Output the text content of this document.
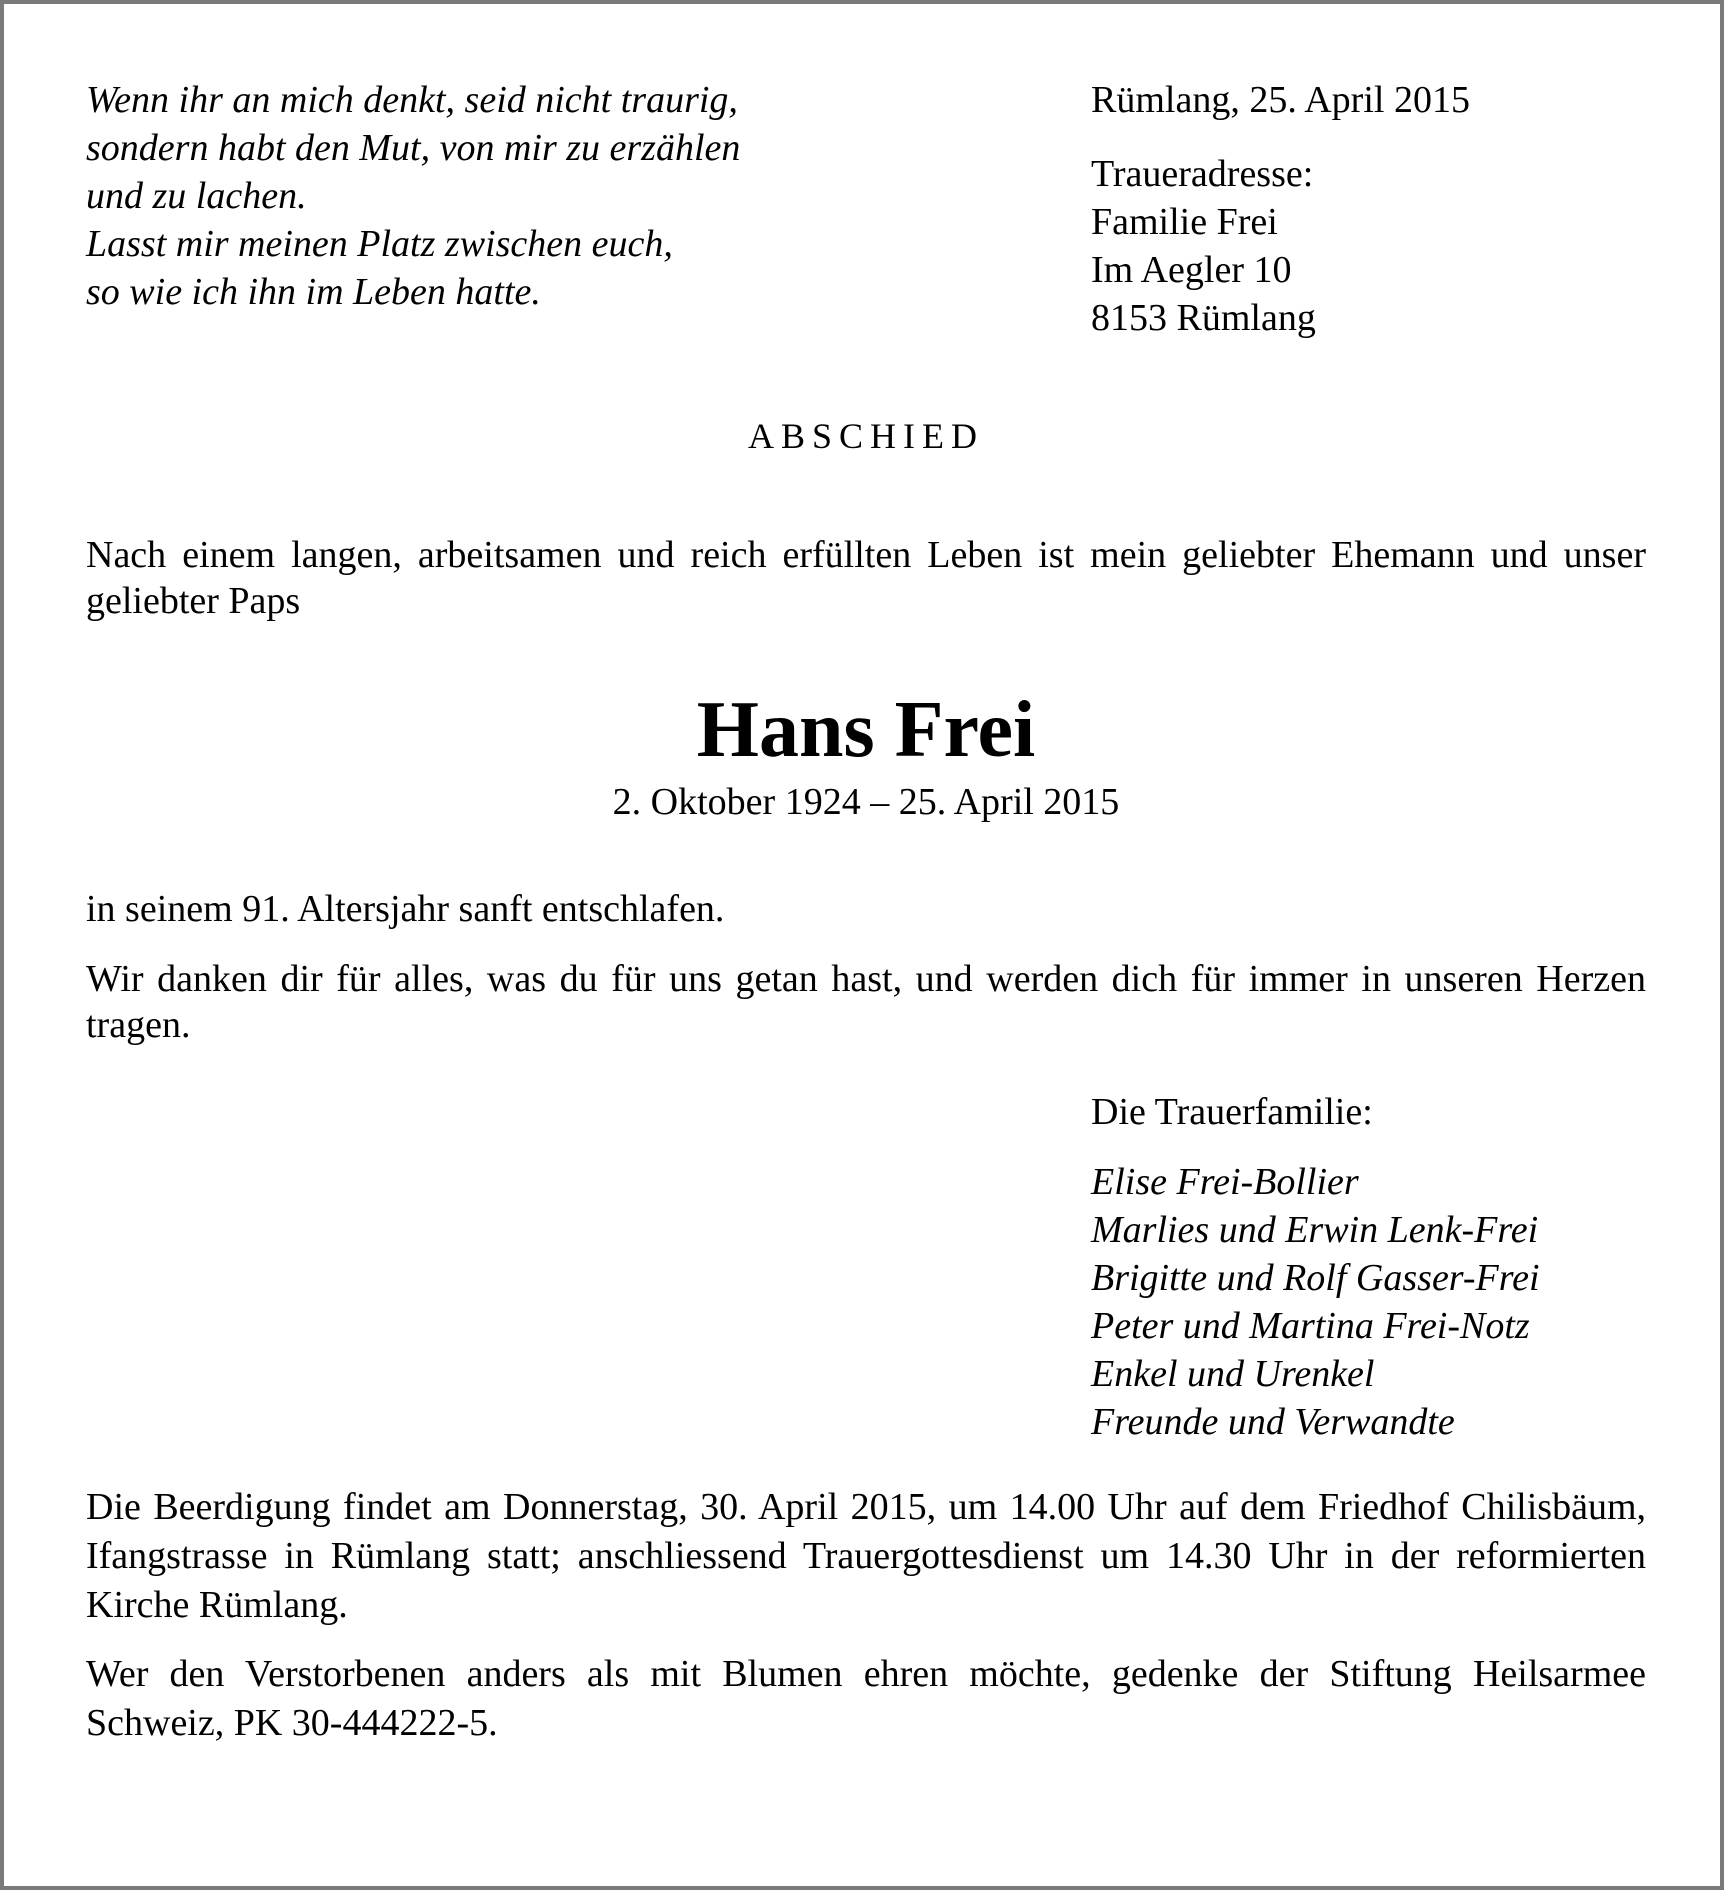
Wenn ihr an mich denkt, seid nicht traurig,
sondern habt den Mut, von mir zu erzählen
und zu lachen.
Lasst mir meinen Platz zwischen euch,
so wie ich ihn im Leben hatte.
Rümlang, 25. April 2015
Traueradresse:
Familie Frei
Im Aegler 10
8153 Rümlang
ABSCHIED
Nach einem langen, arbeitsamen und reich erfüllten Leben ist mein geliebter Ehemann und unser geliebter Paps
Hans Frei
2. Oktober 1924 – 25. April 2015
in seinem 91. Altersjahr sanft entschlafen.
Wir danken dir für alles, was du für uns getan hast, und werden dich für immer in unseren Herzen tragen.
Die Trauerfamilie:
Elise Frei-Bollier
Marlies und Erwin Lenk-Frei
Brigitte und Rolf Gasser-Frei
Peter und Martina Frei-Notz
Enkel und Urenkel
Freunde und Verwandte
Die Beerdigung findet am Donnerstag, 30. April 2015, um 14.00 Uhr auf dem Friedhof Chilisbäum, Ifangstrasse in Rümlang statt; anschliessend Trauergottesdienst um 14.30 Uhr in der reformierten Kirche Rümlang.
Wer den Verstorbenen anders als mit Blumen ehren möchte, gedenke der Stiftung Heilsarmee Schweiz, PK 30-444222-5.
